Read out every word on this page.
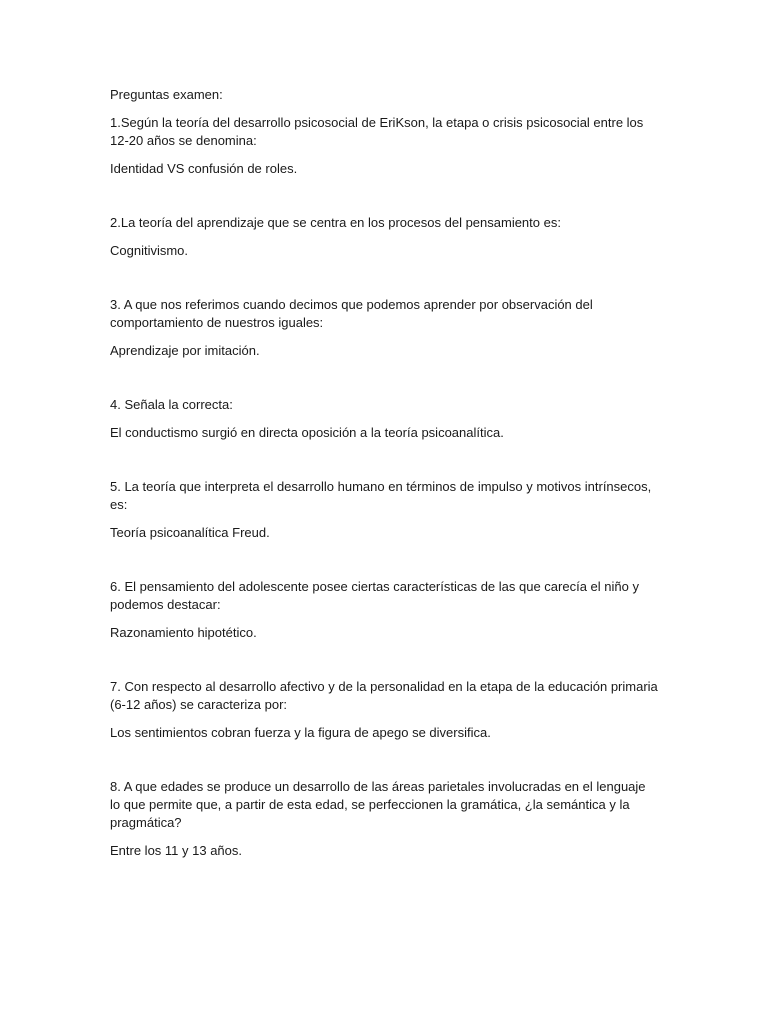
Preguntas examen:

1.Según la teoría del desarrollo psicosocial de EriKson, la etapa o crisis psicosocial entre los 12-20 años se denomina:

Identidad VS confusión de roles.

2.La teoría del aprendizaje que se centra en los procesos del pensamiento es:

Cognitivismo.

3. A que nos referimos cuando decimos que podemos aprender por observación del comportamiento de nuestros iguales:

Aprendizaje por imitación.

4. Señala la correcta:

El conductismo surgió en directa oposición a la teoría psicoanalítica.

5. La teoría que interpreta el desarrollo humano en términos de impulso y motivos intrínsecos, es:

Teoría psicoanalítica Freud.

6. El pensamiento del adolescente posee ciertas características de las que carecía el niño y podemos destacar:

Razonamiento hipotético.

7. Con respecto al desarrollo afectivo y de la personalidad en la etapa de la educación primaria (6-12 años) se caracteriza por:

Los sentimientos cobran fuerza y la figura de apego se diversifica.

8. A que edades se produce un desarrollo de las áreas parietales involucradas en el lenguaje lo que permite que, a partir de esta edad, se perfeccionen la gramática, ¿la semántica y la pragmática?

Entre los 11 y 13 años.
